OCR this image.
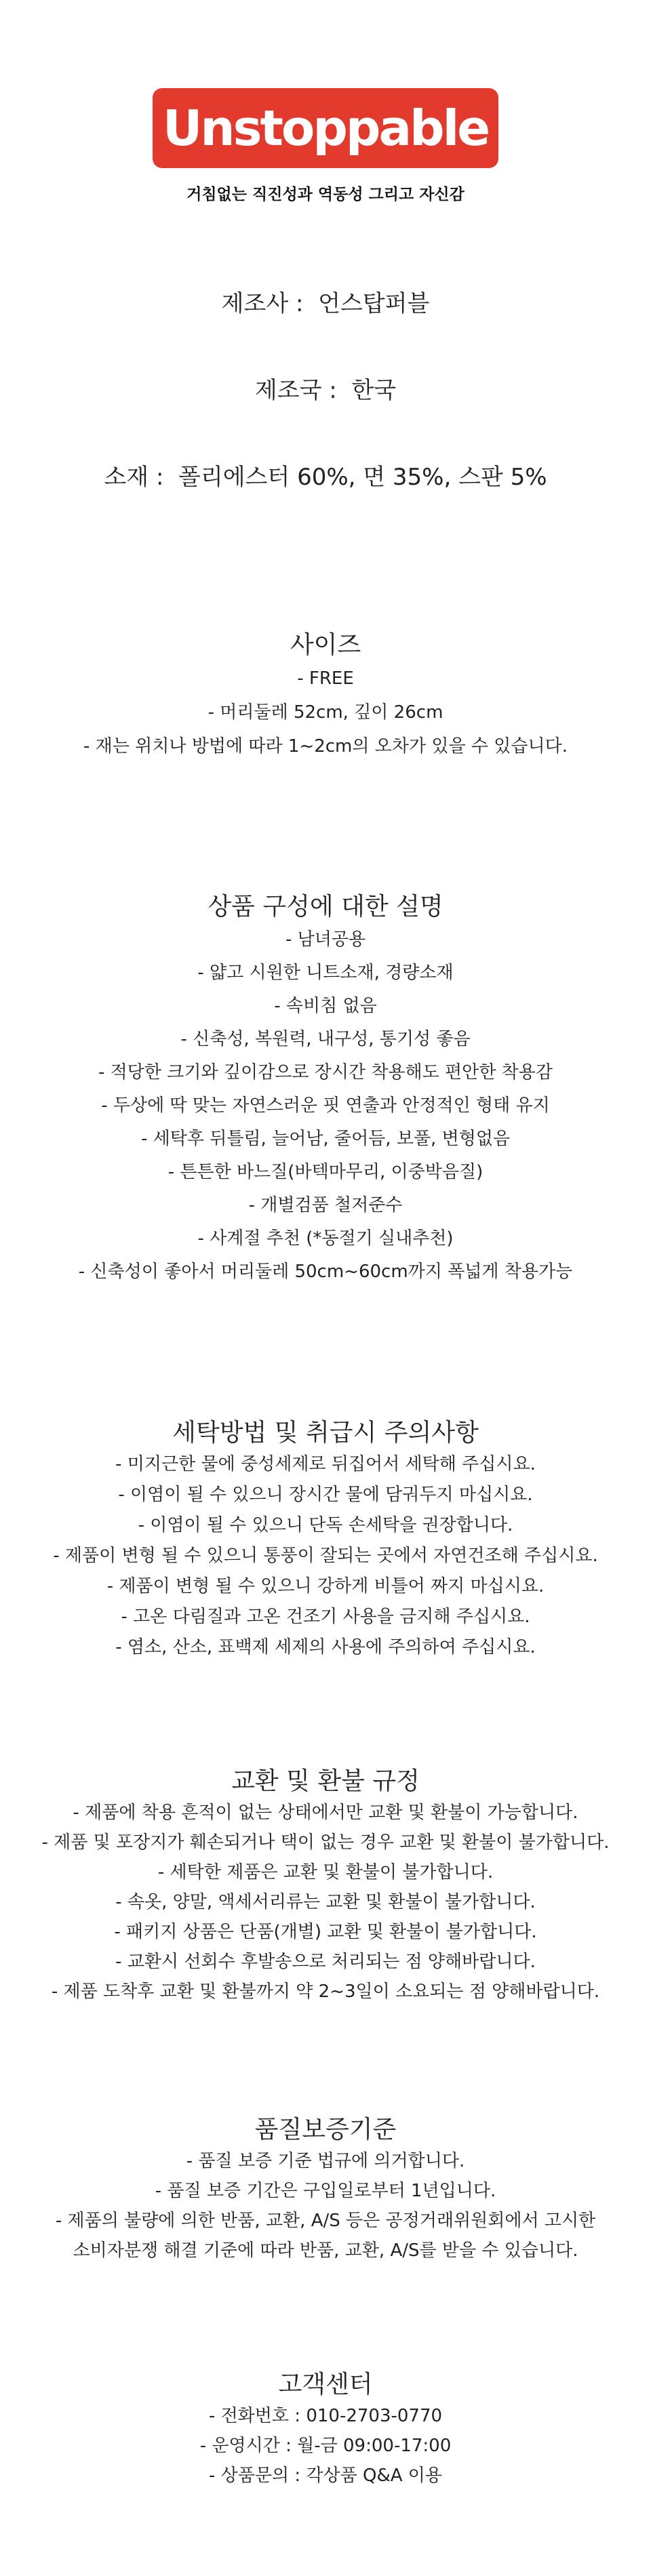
Unstoppable
거침없는 직진성과 역동성 그리고 자신감
제조사 :  언스탑퍼블
제조국 :  한국
소재 :  폴리에스터 60%, 면 35%, 스판 5%
사이즈
- FREE
- 머리둘레 52cm, 깊이 26cm
- 재는 위치나 방법에 따라 1~2cm의 오차가 있을 수 있습니다.
상품 구성에 대한 설명
- 남녀공용
- 얇고 시원한 니트소재, 경량소재
- 속비침 없음
- 신축성, 복원력, 내구성, 통기성 좋음
- 적당한 크기와 깊이감으로 장시간 착용해도 편안한 착용감
- 두상에 딱 맞는 자연스러운 핏 연출과 안정적인 형태 유지
- 세탁후 뒤틀림, 늘어남, 줄어듬, 보풀, 변형없음
- 튼튼한 바느질(바텍마무리, 이중박음질)
- 개별검품 철저준수
- 사계절 추천 (*동절기 실내추천)
- 신축성이 좋아서 머리둘레 50cm~60cm까지 폭넓게 착용가능
세탁방법 및 취급시 주의사항
- 미지근한 물에 중성세제로 뒤집어서 세탁해 주십시요.
- 이염이 될 수 있으니 장시간 물에 담궈두지 마십시요.
- 이염이 될 수 있으니 단독 손세탁을 권장합니다.
- 제품이 변형 될 수 있으니 통풍이 잘되는 곳에서 자연건조해 주십시요.
- 제품이 변형 될 수 있으니 강하게 비틀어 짜지 마십시요.
- 고온 다림질과 고온 건조기 사용을 금지해 주십시요.
- 염소, 산소, 표백제 세제의 사용에 주의하여 주십시요.
교환 및 환불 규정
- 제품에 착용 흔적이 없는 상태에서만 교환 및 환불이 가능합니다.
- 제품 및 포장지가 훼손되거나 택이 없는 경우 교환 및 환불이 불가합니다.
- 세탁한 제품은 교환 및 환불이 불가합니다.
- 속옷, 양말, 액세서리류는 교환 및 환불이 불가합니다.
- 패키지 상품은 단품(개별) 교환 및 환불이 불가합니다.
- 교환시 선회수 후발송으로 처리되는 점 양해바랍니다.
- 제품 도착후 교환 및 환불까지 약 2~3일이 소요되는 점 양해바랍니다.
품질보증기준
- 품질 보증 기준 법규에 의거합니다.
- 품질 보증 기간은 구입일로부터 1년입니다.
- 제품의 불량에 의한 반품, 교환, A/S 등은 공정거래위원회에서 고시한
소비자분쟁 해결 기준에 따라 반품, 교환, A/S를 받을 수 있습니다.
고객센터
- 전화번호 : 010-2703-0770
- 운영시간 : 월-금 09:00-17:00
- 상품문의 : 각상품 Q&A 이용
